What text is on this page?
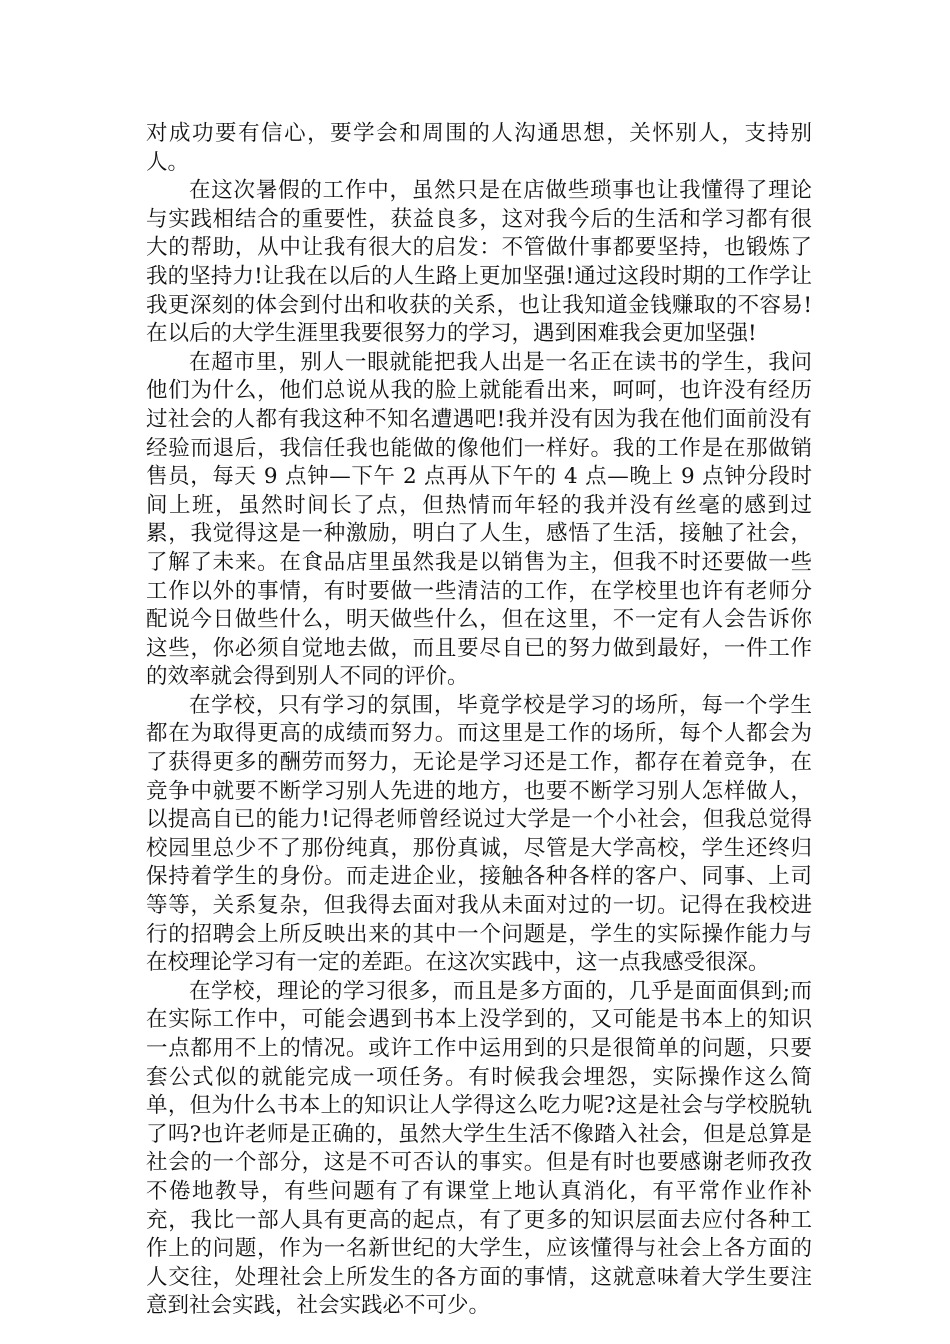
对成功要有信心，要学会和周围的人沟通思想，关怀别人，支持别人。

在这次暑假的工作中，虽然只是在店做些琐事也让我懂得了理论与实践相结合的重要性，获益良多，这对我今后的生活和学习都有很大的帮助，从中让我有很大的启发：不管做什事都要坚持，也锻炼了我的坚持力!让我在以后的人生路上更加坚强!通过这段时期的工作学让我更深刻的体会到付出和收获的关系，也让我知道金钱赚取的不容易!在以后的大学生涯里我要很努力的学习，遇到困难我会更加坚强!

在超市里，别人一眼就能把我人出是一名正在读书的学生，我问他们为什么，他们总说从我的脸上就能看出来，呵呵，也许没有经历过社会的人都有我这种不知名遭遇吧!我并没有因为我在他们面前没有经验而退后，我信任我也能做的像他们一样好。我的工作是在那做销售员，每天 9 点钟—下午 2 点再从下午的 4 点—晚上 9 点钟分段时间上班，虽然时间长了点，但热情而年轻的我并没有丝毫的感到过累，我觉得这是一种激励，明白了人生，感悟了生活，接触了社会，了解了未来。在食品店里虽然我是以销售为主，但我不时还要做一些工作以外的事情，有时要做一些清洁的工作，在学校里也许有老师分配说今日做些什么，明天做些什么，但在这里，不一定有人会告诉你这些，你必须自觉地去做，而且要尽自已的努力做到最好，一件工作的效率就会得到别人不同的评价。

在学校，只有学习的氛围，毕竟学校是学习的场所，每一个学生都在为取得更高的成绩而努力。而这里是工作的场所，每个人都会为了获得更多的酬劳而努力，无论是学习还是工作，都存在着竞争，在竞争中就要不断学习别人先进的地方，也要不断学习别人怎样做人，以提高自已的能力!记得老师曾经说过大学是一个小社会，但我总觉得校园里总少不了那份纯真，那份真诚，尽管是大学高校，学生还终归保持着学生的身份。而走进企业，接触各种各样的客户、同事、上司等等，关系复杂，但我得去面对我从未面对过的一切。记得在我校进行的招聘会上所反映出来的其中一个问题是，学生的实际操作能力与在校理论学习有一定的差距。在这次实践中，这一点我感受很深。

在学校，理论的学习很多，而且是多方面的，几乎是面面俱到;而在实际工作中，可能会遇到书本上没学到的，又可能是书本上的知识一点都用不上的情况。或许工作中运用到的只是很简单的问题，只要套公式似的就能完成一项任务。有时候我会埋怨，实际操作这么简单，但为什么书本上的知识让人学得这么吃力呢?这是社会与学校脱轨了吗?也许老师是正确的，虽然大学生生活不像踏入社会，但是总算是社会的一个部分，这是不可否认的事实。但是有时也要感谢老师孜孜不倦地教导，有些问题有了有课堂上地认真消化，有平常作业作补充，我比一部人具有更高的起点，有了更多的知识层面去应付各种工作上的问题，作为一名新世纪的大学生，应该懂得与社会上各方面的人交往，处理社会上所发生的各方面的事情，这就意味着大学生要注意到社会实践，社会实践必不可少。
